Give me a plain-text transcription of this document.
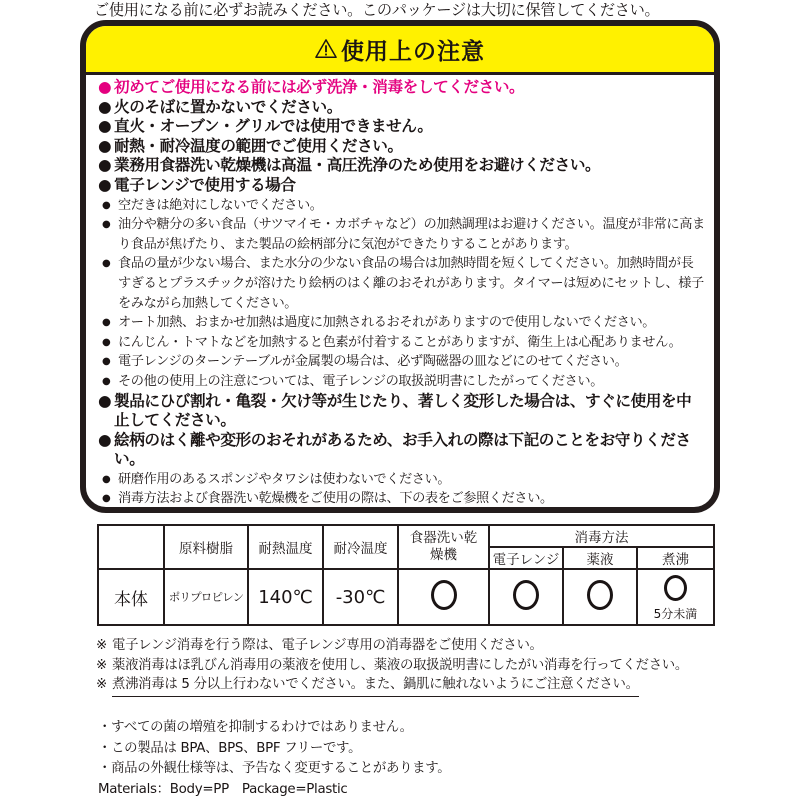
ご使用になる前に必ずお読みください。このパッケージは大切に保管してください。
使用上の注意
● 初めてご使用になる前には必ず洗浄・消毒をしてください。
● 火のそばに置かないでください。
● 直火・オーブン・グリルでは使用できません。
● 耐熱・耐冷温度の範囲でご使用ください。
● 業務用食器洗い乾燥機は高温・高圧洗浄のため使用をお避けください。
● 電子レンジで使用する場合
● 空だきは絶対にしないでください。
● 油分や糖分の多い食品（サツマイモ・カボチャなど）の加熱調理はお避けください。温度が非常に高まり食品が焦げたり、また製品の絵柄部分に気泡ができたりすることがあります。
● 食品の量が少ない場合、また水分の少ない食品の場合は加熱時間を短くしてください。加熱時間が長すぎるとプラスチックが溶けたり絵柄のはく離のおそれがあります。タイマーは短めにセットし、様子をみながら加熱してください。
● オート加熱、おまかせ加熱は過度に加熱されるおそれがありますので使用しないでください。
● にんじん・トマトなどを加熱すると色素が付着することがありますが、衛生上は心配ありません。
● 電子レンジのターンテーブルが金属製の場合は、必ず陶磁器の皿などにのせてください。
● その他の使用上の注意については、電子レンジの取扱説明書にしたがってください。
● 製品にひび割れ・亀裂・欠け等が生じたり、著しく変形した場合は、すぐに使用を中止してください。
● 絵柄のはく離や変形のおそれがあるため、お手入れの際は下記のことをお守りください。
● 研磨作用のあるスポンジやタワシは使わないでください。
● 消毒方法および食器洗い乾燥機をご使用の際は、下の表をご参照ください。
	原料樹脂	耐熱温度	耐冷温度	食器洗い乾燥機	消毒方法		
					電子レンジ	薬液	煮沸
本体	ポリプロピレン	140℃	-30℃				5分未満
※ 電子レンジ消毒を行う際は、電子レンジ専用の消毒器をご使用ください。
※ 薬液消毒はほ乳びん消毒用の薬液を使用し、薬液の取扱説明書にしたがい消毒を行ってください。
※ 煮沸消毒は 5 分以上行わないでください。また、鍋肌に触れないようにご注意ください。
・すべての菌の増殖を抑制するわけではありません。
・この製品は BPA、BPS、BPF フリーです。
・商品の外観仕様等は、予告なく変更することがあります。
Materials：Body=PP　Package=Plastic
